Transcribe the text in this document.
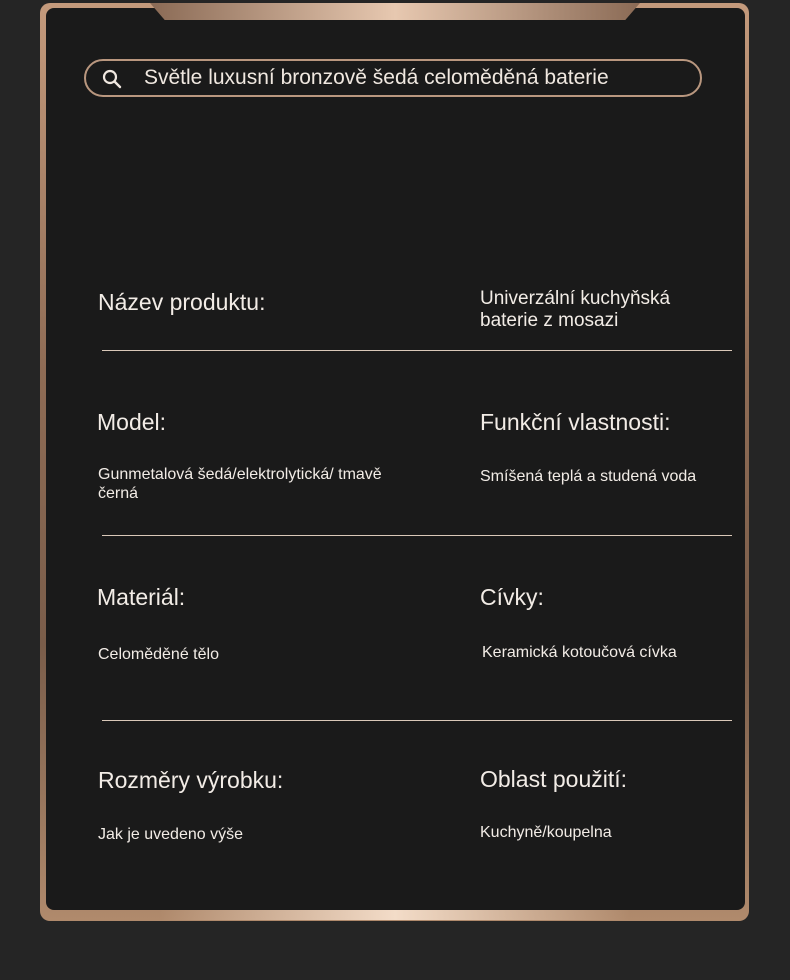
Světle luxusní bronzově šedá celoměděná baterie
Název produktu:	Univerzální kuchyňská baterie z mosazi
Model:
Gunmetalová šedá/elektrolytická/ tmavě černá
Funkční vlastnosti:
Smíšená teplá a studená voda
Materiál:
Celoměděné tělo
Cívky:
Keramická kotoučová cívka
Rozměry výrobku:
Jak je uvedeno výše
Oblast použití:
Kuchyně/koupelna
